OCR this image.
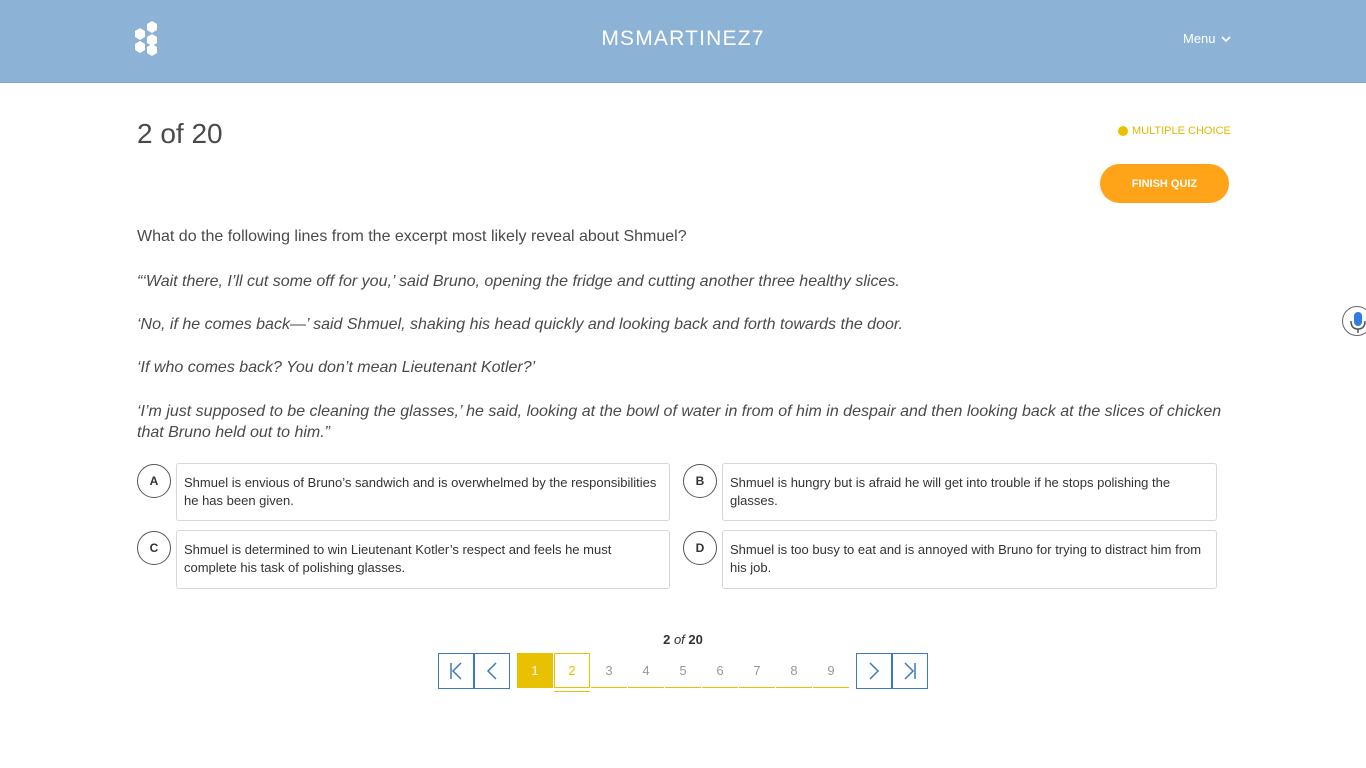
MSMARTINEZ7	Menu
2 of 20	MULTIPLE CHOICE
FINISH QUIZ

What do the following lines from the excerpt most likely reveal about Shmuel?

“‘Wait there, I’ll cut some off for you,’ said Bruno, opening the fridge and cutting another three healthy slices.

‘No, if he comes back—’ said Shmuel, shaking his head quickly and looking back and forth towards the door.

‘If who comes back? You don’t mean Lieutenant Kotler?’

‘I’m just supposed to be cleaning the glasses,’ he said, looking at the bowl of water in from of him in despair and then looking back at the slices of chicken that Bruno held out to him.”

A	Shmuel is envious of Bruno’s sandwich and is overwhelmed by the responsibilities he has been given.
B	Shmuel is hungry but is afraid he will get into trouble if he stops polishing the glasses.
C	Shmuel is determined to win Lieutenant Kotler’s respect and feels he must complete his task of polishing glasses.
D	Shmuel is too busy to eat and is annoyed with Bruno for trying to distract him from his job.
2 of 20
1	2	3	4	5	6	7	8	9
